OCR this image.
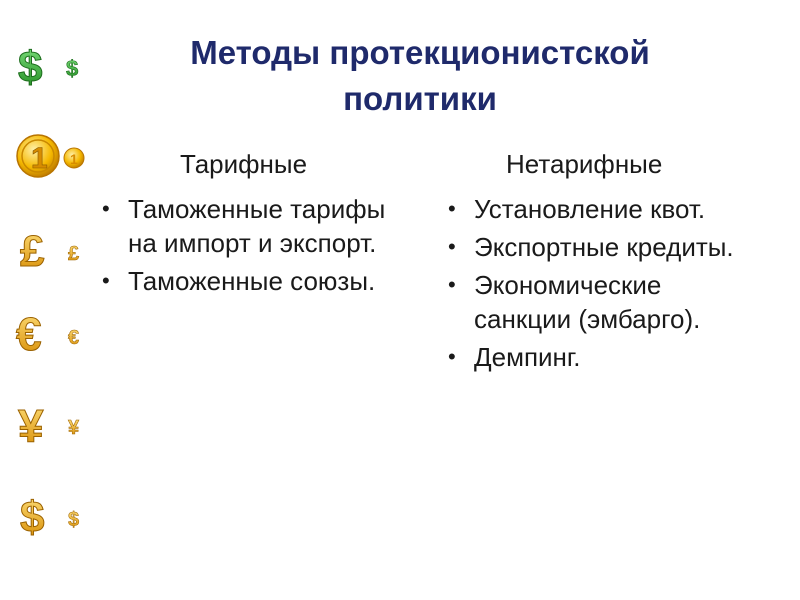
$ $
1 1
£ £
€ €
¥ ¥
$ $
Методы протекционистской политики
Тарифные
• Таможенные тарифы на импорт и экспорт.
• Таможенные союзы.
Нетарифные
• Установление квот.
• Экспортные кредиты.
• Экономические санкции (эмбарго).
• Демпинг.
